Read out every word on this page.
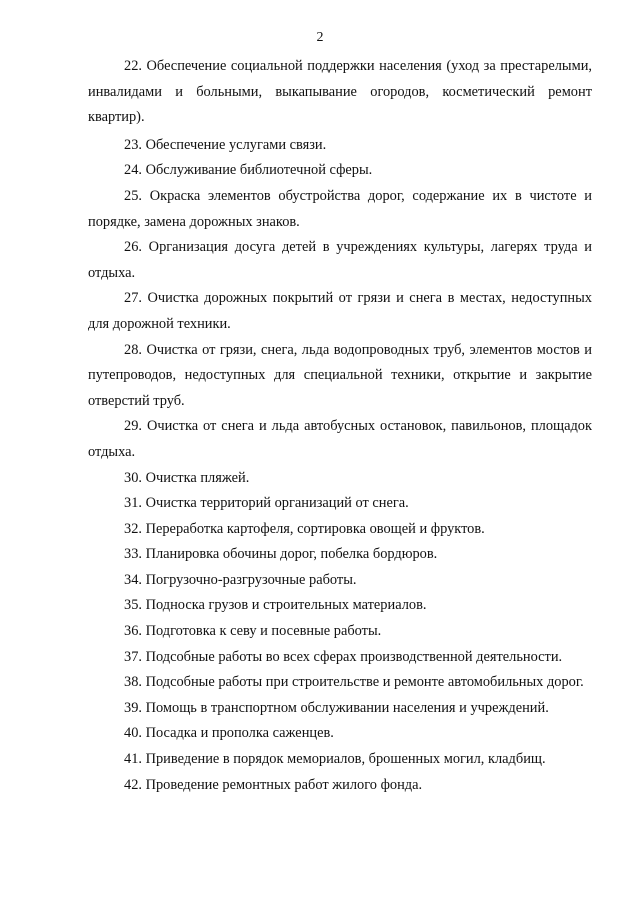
2

22. Обеспечение социальной поддержки населения (уход за престарелыми, инвалидами и больными, выкапывание огородов, косметический ремонт квартир).

23. Обеспечение услугами связи.

24. Обслуживание библиотечной сферы.

25. Окраска элементов обустройства дорог, содержание их в чистоте и порядке, замена дорожных знаков.

26. Организация досуга детей в учреждениях культуры, лагерях труда и отдыха.

27. Очистка дорожных покрытий от грязи и снега в местах, недоступных для дорожной техники.

28. Очистка от грязи, снега, льда водопроводных труб, элементов мостов и путепроводов, недоступных для специальной техники, открытие и закрытие отверстий труб.

29. Очистка от снега и льда автобусных остановок, павильонов, площадок отдыха.

30. Очистка пляжей.

31. Очистка территорий организаций от снега.

32. Переработка картофеля, сортировка овощей и фруктов.

33. Планировка обочины дорог, побелка бордюров.

34. Погрузочно-разгрузочные работы.

35. Подноска грузов и строительных материалов.

36. Подготовка к севу и посевные работы.

37. Подсобные работы во всех сферах производственной деятельности.

38. Подсобные работы при строительстве и ремонте автомобильных дорог.

39. Помощь в транспортном обслуживании населения и учреждений.

40. Посадка и прополка саженцев.

41. Приведение в порядок мемориалов, брошенных могил, кладбищ.

42. Проведение ремонтных работ жилого фонда.
